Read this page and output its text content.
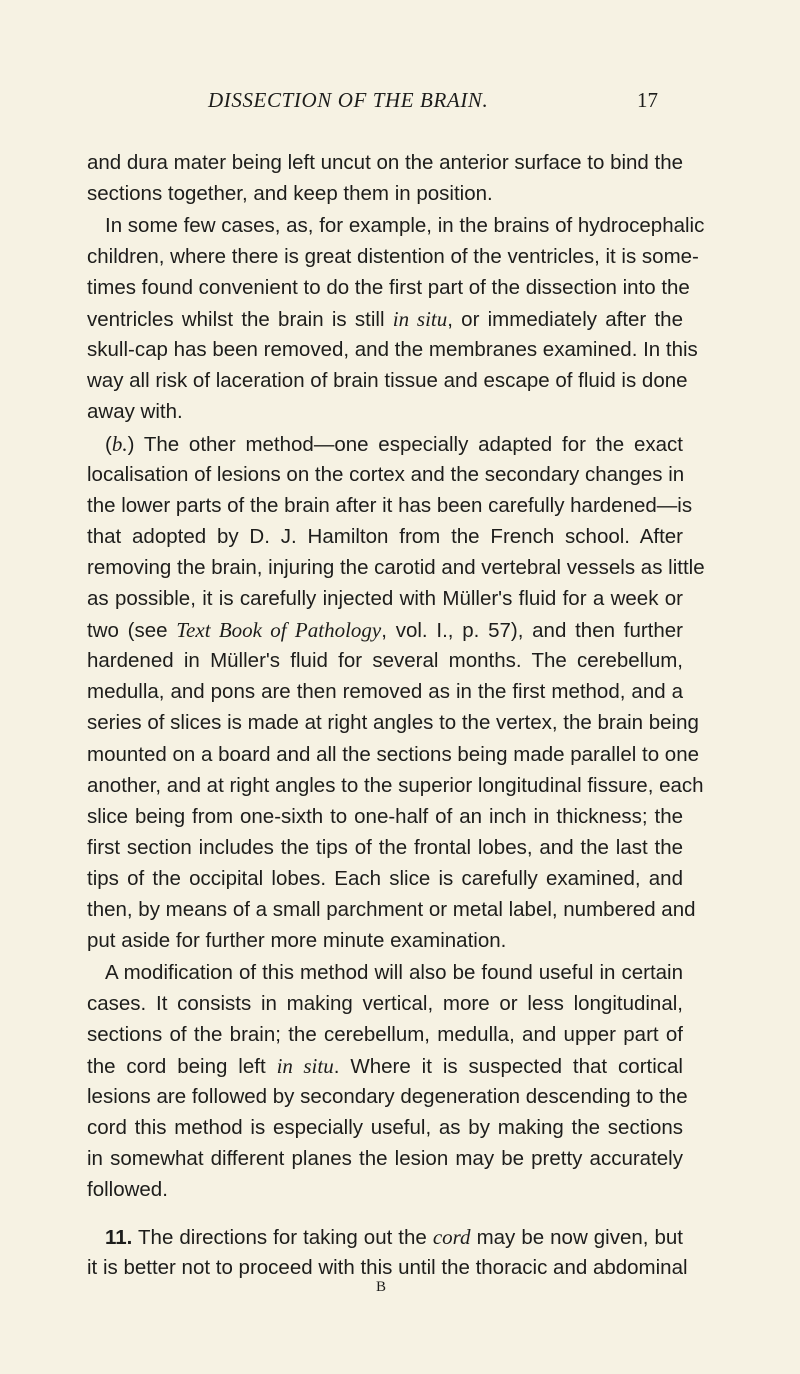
DISSECTION OF THE BRAIN.	17
and dura mater being left uncut on the anterior surface to bind the
sections together, and keep them in position.
In some few cases, as, for example, in the brains of hydrocephalic
children, where there is great distention of the ventricles, it is some-
times found convenient to do the first part of the dissection into the
ventricles whilst the brain is still in situ, or immediately after the
skull-cap has been removed, and the membranes examined. In this
way all risk of laceration of brain tissue and escape of fluid is done
away with.
(b.) The other method—one especially adapted for the exact
localisation of lesions on the cortex and the secondary changes in
the lower parts of the brain after it has been carefully hardened—is
that adopted by D. J. Hamilton from the French school. After
removing the brain, injuring the carotid and vertebral vessels as little
as possible, it is carefully injected with Müller's fluid for a week or
two (see Text Book of Pathology, vol. I., p. 57), and then further
hardened in Müller's fluid for several months. The cerebellum,
medulla, and pons are then removed as in the first method, and a
series of slices is made at right angles to the vertex, the brain being
mounted on a board and all the sections being made parallel to one
another, and at right angles to the superior longitudinal fissure, each
slice being from one-sixth to one-half of an inch in thickness; the
first section includes the tips of the frontal lobes, and the last the
tips of the occipital lobes. Each slice is carefully examined, and
then, by means of a small parchment or metal label, numbered and
put aside for further more minute examination.
A modification of this method will also be found useful in certain
cases. It consists in making vertical, more or less longitudinal,
sections of the brain; the cerebellum, medulla, and upper part of
the cord being left in situ. Where it is suspected that cortical
lesions are followed by secondary degeneration descending to the
cord this method is especially useful, as by making the sections
in somewhat different planes the lesion may be pretty accurately
followed.
11. The directions for taking out the cord may be now given, but
it is better not to proceed with this until the thoracic and abdominal
B
